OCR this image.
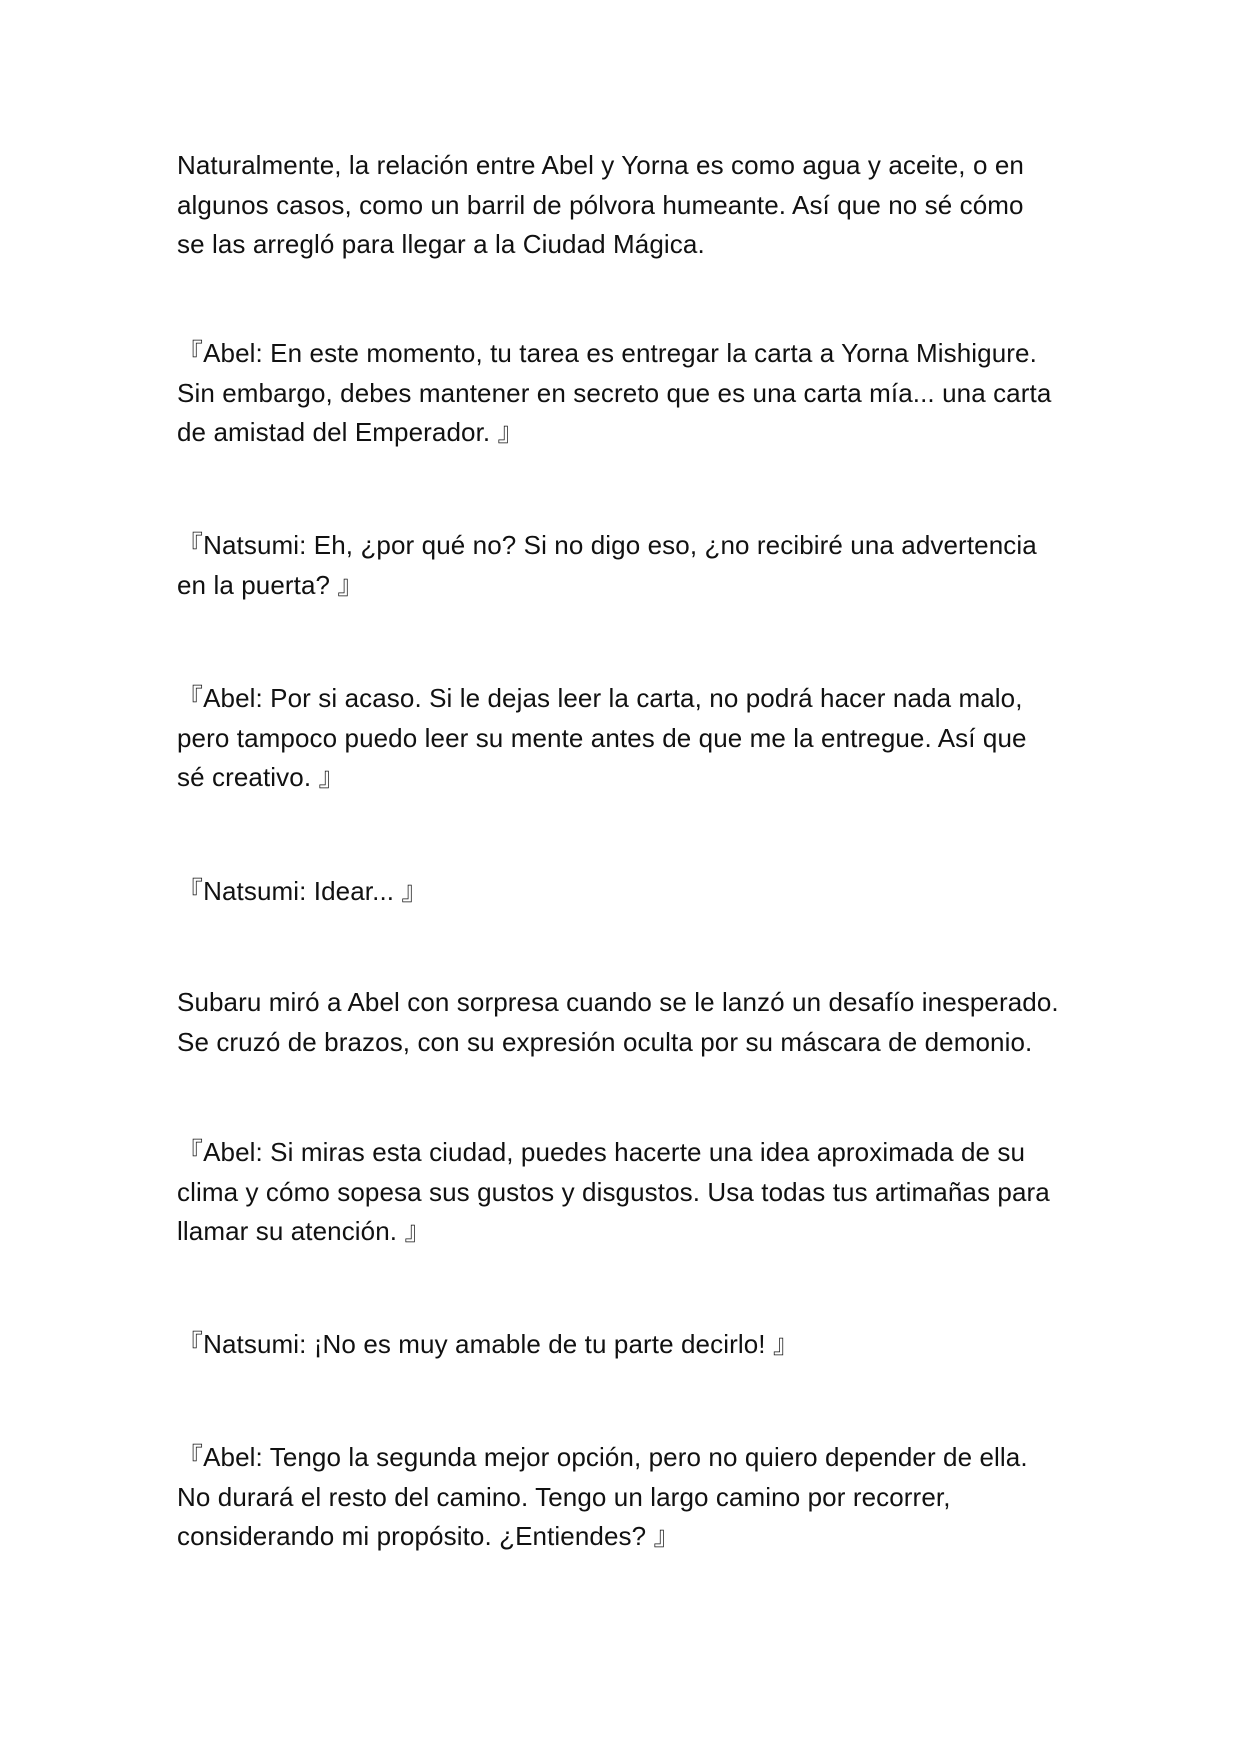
Naturalmente, la relación entre Abel y Yorna es como agua y aceite, o en
algunos casos, como un barril de pólvora humeante. Así que no sé cómo
se las arregló para llegar a la Ciudad Mágica.

『Abel: En este momento, tu tarea es entregar la carta a Yorna Mishigure.
Sin embargo, debes mantener en secreto que es una carta mía... una carta
de amistad del Emperador. 』

『Natsumi: Eh, ¿por qué no? Si no digo eso, ¿no recibiré una advertencia
en la puerta? 』

『Abel: Por si acaso. Si le dejas leer la carta, no podrá hacer nada malo,
pero tampoco puedo leer su mente antes de que me la entregue. Así que
sé creativo. 』

『Natsumi: Idear... 』

Subaru miró a Abel con sorpresa cuando se le lanzó un desafío inesperado.
Se cruzó de brazos, con su expresión oculta por su máscara de demonio.

『Abel: Si miras esta ciudad, puedes hacerte una idea aproximada de su
clima y cómo sopesa sus gustos y disgustos. Usa todas tus artimañas para
llamar su atención. 』

『Natsumi: ¡No es muy amable de tu parte decirlo! 』

『Abel: Tengo la segunda mejor opción, pero no quiero depender de ella.
No durará el resto del camino. Tengo un largo camino por recorrer,
considerando mi propósito. ¿Entiendes? 』
